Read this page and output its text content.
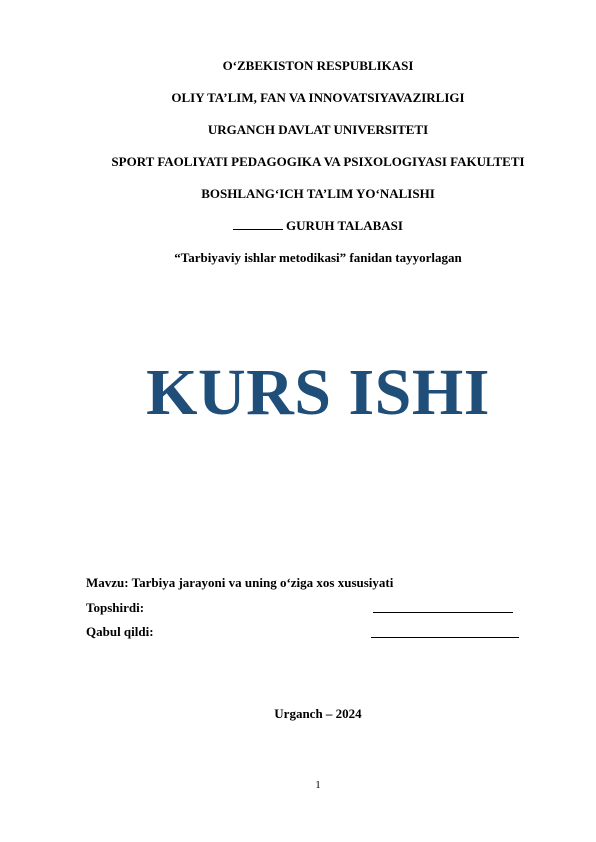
O‘ZBEKISTON RESPUBLIKASI
OLIY TA’LIM, FAN VA INNOVATSIYAVAZIRLIGI
URGANCH DAVLAT UNIVERSITETI
SPORT FAOLIYATI PEDAGOGIKA VA PSIXOLOGIYASI FAKULTETI
BOSHLANG‘ICH TA’LIM YO‘NALISHI
GURUH TALABASI
“Tarbiyaviy ishlar metodikasi” fanidan tayyorlagan
KURS ISHI
Mavzu: Tarbiya jarayoni va uning o‘ziga xos xususiyati
Topshirdi:
Qabul qildi:
Urganch – 2024
1
